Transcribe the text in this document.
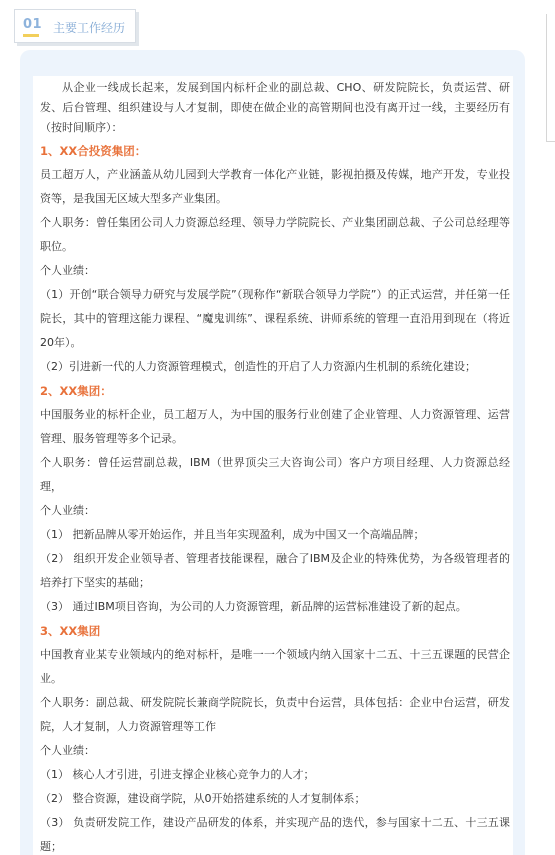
01 主要工作经历

从企业一线成长起来，发展到国内标杆企业的副总裁、CHO、研发院院长，负责运营、研发、后台管理、组织建设与人才复制，即使在做企业的高管期间也没有离开过一线，主要经历有（按时间顺序）：

1、XX合投资集团：

员工超万人，产业涵盖从幼儿园到大学教育一体化产业链，影视拍摄及传媒，地产开发，专业投资等，是我国无区域大型多产业集团。

个人职务：曾任集团公司人力资源总经理、领导力学院院长、产业集团副总裁、子公司总经理等职位。

个人业绩：

（1）开创“联合领导力研究与发展学院”（现称作“新联合领导力学院”）的正式运营，并任第一任院长，其中的管理这能力课程、“魔鬼训练”、课程系统、讲师系统的管理一直沿用到现在（将近20年）。

（2）引进新一代的人力资源管理模式，创造性的开启了人力资源内生机制的系统化建设；

2、XX集团：

中国服务业的标杆企业，员工超万人，为中国的服务行业创建了企业管理、人力资源管理、运营管理、服务管理等多个记录。

个人职务：曾任运营副总裁，IBM（世界顶尖三大咨询公司）客户方项目经理、人力资源总经理，

个人业绩：

（1） 把新品牌从零开始运作，并且当年实现盈利，成为中国又一个高端品牌；

（2） 组织开发企业领导者、管理者技能课程，融合了IBM及企业的特殊优势，为各级管理者的培养打下坚实的基础；

（3） 通过IBM项目咨询，为公司的人力资源管理，新品牌的运营标准建设了新的起点。

3、XX集团

中国教育业某专业领域内的绝对标杆，是唯一一个领域内纳入国家十二五、十三五课题的民营企业。

个人职务：副总裁、研发院院长兼商学院院长，负责中台运营，具体包括：企业中台运营，研发院，人才复制，人力资源管理等工作

个人业绩：

（1） 核心人才引进，引进支撑企业核心竞争力的人才；

（2） 整合资源，建设商学院，从0开始搭建系统的人才复制体系；

（3） 负责研发院工作，建设产品研发的体系，并实现产品的迭代，参与国家十二五、十三五课题；
